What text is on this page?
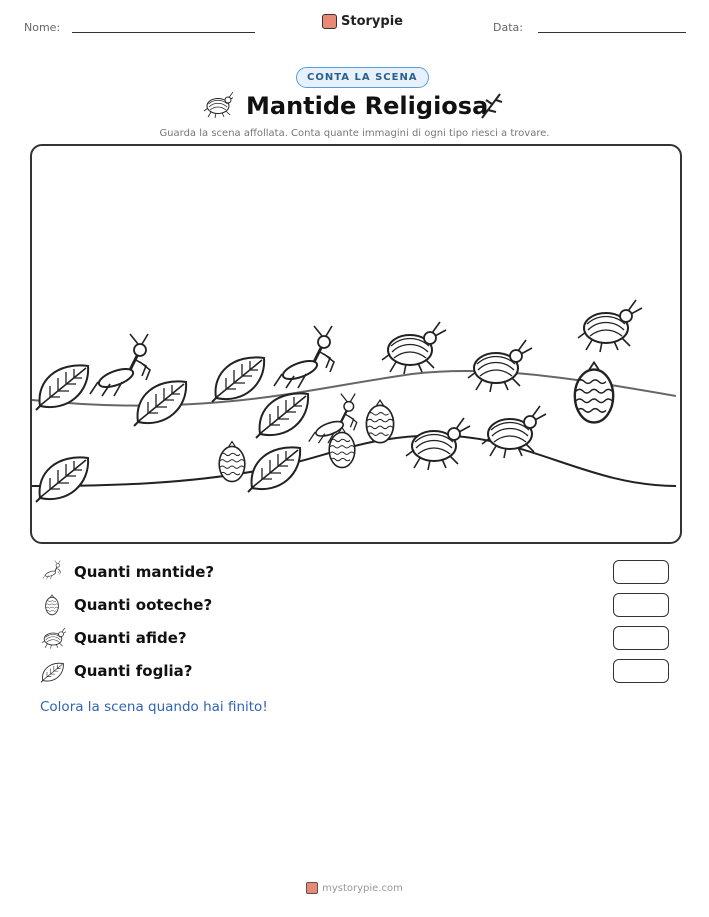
Nome:	Storypie	Data:
CONTA LA SCENA
Mantide Religiosa
Guarda la scena affollata. Conta quante immagini di ogni tipo riesci a trovare.
Quanti mantide?
Quanti ooteche?
Quanti afide?
Quanti foglia?
Colora la scena quando hai finito!
mystorypie.com
